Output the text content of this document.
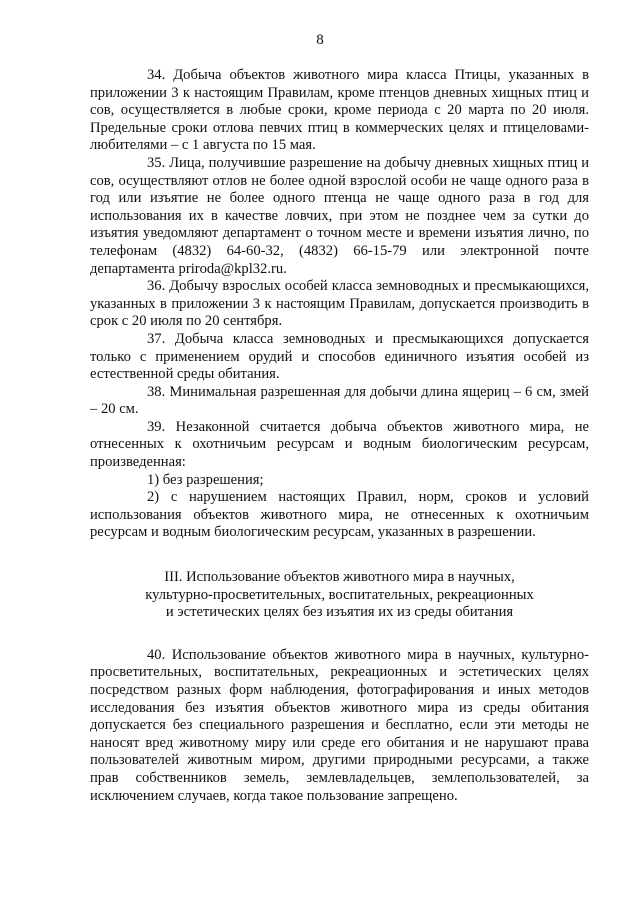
8

34. Добыча объектов животного мира класса Птицы, указанных в приложении 3 к настоящим Правилам, кроме птенцов дневных хищных птиц и сов, осуществляется в любые сроки, кроме периода с 20 марта по 20 июля. Предельные сроки отлова певчих птиц в коммерческих целях и птицеловами-любителями – с 1 августа по 15 мая.

35. Лица, получившие разрешение на добычу дневных хищных птиц и сов, осуществляют отлов не более одной взрослой особи не чаще одного раза в год или изъятие не более одного птенца не чаще одного раза в год для использования их в качестве ловчих, при этом не позднее чем за сутки до изъятия уведомляют департамент о точном месте и времени изъятия лично, по телефонам (4832) 64-60-32, (4832) 66-15-79 или электронной почте департамента priroda@kpl32.ru.

36. Добычу взрослых особей класса земноводных и пресмыкающихся, указанных в приложении 3 к настоящим Правилам, допускается производить в срок с 20 июля по 20 сентября.

37. Добыча класса земноводных и пресмыкающихся допускается только с применением орудий и способов единичного изъятия особей из естественной среды обитания.

38. Минимальная разрешенная для добычи длина ящериц – 6 см, змей – 20 см.

39. Незаконной считается добыча объектов животного мира, не отнесенных к охотничьим ресурсам и водным биологическим ресурсам, произведенная:

1) без разрешения;

2) с нарушением настоящих Правил, норм, сроков и условий использования объектов животного мира, не отнесенных к охотничьим ресурсам и водным биологическим ресурсам, указанных в разрешении.

III. Использование объектов животного мира в научных,
культурно-просветительных, воспитательных, рекреационных
и эстетических целях без изъятия их из среды обитания

40. Использование объектов животного мира в научных, культурно-просветительных, воспитательных, рекреационных и эстетических целях посредством разных форм наблюдения, фотографирования и иных методов исследования без изъятия объектов животного мира из среды обитания допускается без специального разрешения и бесплатно, если эти методы не наносят вред животному миру или среде его обитания и не нарушают права пользователей животным миром, другими природными ресурсами, а также прав собственников земель, землевладельцев, землепользователей, за исключением случаев, когда такое пользование запрещено.
